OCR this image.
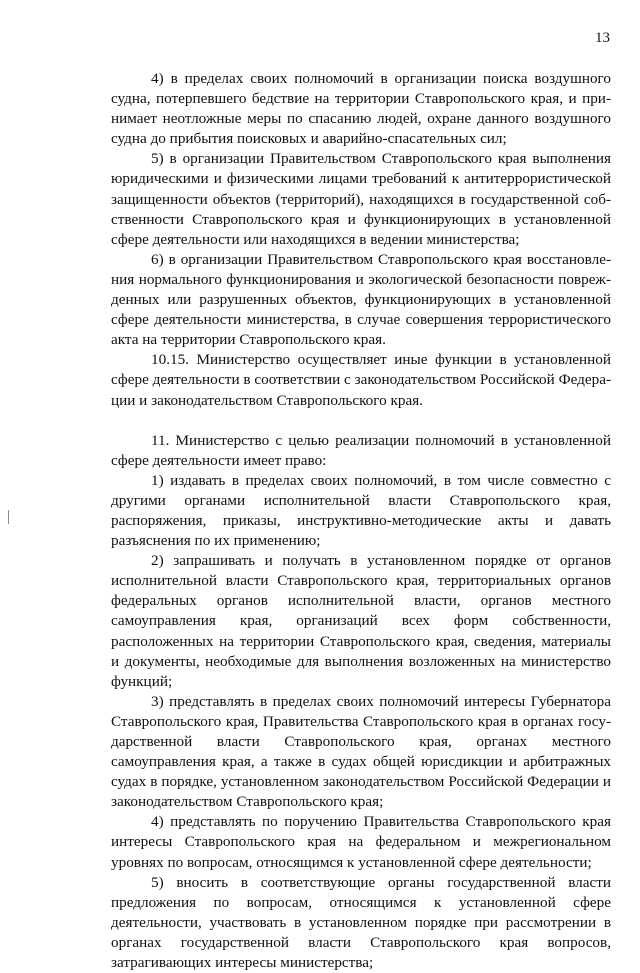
13

4) в пределах своих полномочий в организации поиска воздушного судна, потерпевшего бедствие на территории Ставропольского края, и принимает неотложные меры по спасанию людей, охране данного воздушного судна до прибытия поисковых и аварийно-спасательных сил;

5) в организации Правительством Ставропольского края выполнения юридическими и физическими лицами требований к антитеррористической защищенности объектов (территорий), находящихся в государственной собственности Ставропольского края и функционирующих в установленной сфере деятельности или находящихся в ведении министерства;

6) в организации Правительством Ставропольского края восстановления нормального функционирования и экологической безопасности поврежденных или разрушенных объектов, функционирующих в установленной сфере деятельности министерства, в случае совершения террористического акта на территории Ставропольского края.

10.15. Министерство осуществляет иные функции в установленной сфере деятельности в соответствии с законодательством Российской Федерации и законодательством Ставропольского края.

11. Министерство с целью реализации полномочий в установленной сфере деятельности имеет право:

1) издавать в пределах своих полномочий, в том числе совместно с другими органами исполнительной власти Ставропольского края, распоряжения, приказы, инструктивно-методические акты и давать разъяснения по их применению;

2) запрашивать и получать в установленном порядке от органов исполнительной власти Ставропольского края, территориальных органов федеральных органов исполнительной власти, органов местного самоуправления края, организаций всех форм собственности, расположенных на территории Ставропольского края, сведения, материалы и документы, необходимые для выполнения возложенных на министерство функций;

3) представлять в пределах своих полномочий интересы Губернатора Ставропольского края, Правительства Ставропольского края в органах государственной власти Ставропольского края, органах местного самоуправления края, а также в судах общей юрисдикции и арбитражных судах в порядке, установленном законодательством Российской Федерации и законодательством Ставропольского края;

4) представлять по поручению Правительства Ставропольского края интересы Ставропольского края на федеральном и межрегиональном уровнях по вопросам, относящимся к установленной сфере деятельности;

5) вносить в соответствующие органы государственной власти предложения по вопросам, относящимся к установленной сфере деятельности, участвовать в установленном порядке при рассмотрении в органах государственной власти Ставропольского края вопросов, затрагивающих интересы министерства;
